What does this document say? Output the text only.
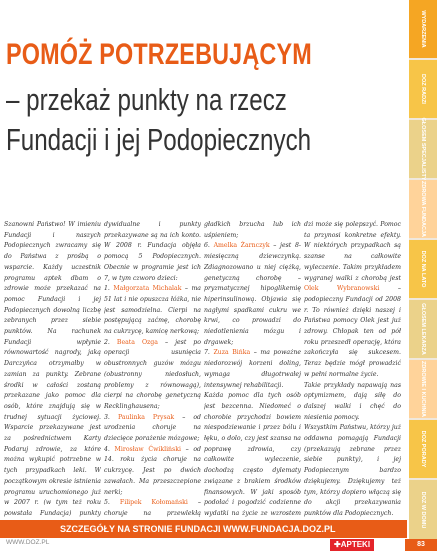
POMÓŻ POTRZEBUJĄCYM
– przekaż punkty na rzecz
Fundacji i jej Podopiecznych

Szanowni Państwo! W imieniu Fundacji i naszych Podopiecznych zwracamy się do Państwa z prośbą o wsparcie. Każdy uczestnik programu aptek dbam o zdrowie może przekazać na pomoc Fundacji i jej Podopiecznych dowolną liczbę zebranych przez siebie punktów. Na rachunek Fundacji wpłynie równowartość nagrody, jaką Darczyńca otrzymałby w zamian za punkty. Zebrane środki w całości zostaną przekazane jako pomoc dla osób, które znajdują się w trudnej sytuacji życiowej. Wsparcie przekazywane jest za pośrednictwem Karty Podaruj zdrowie, za które można wykupić potrzebne w tych przypadkach leki. W początkowym okresie istnienia programu uruchomionego już w 2007 r. (w tym też roku powstała Fundacja) punkty

dywidualne i punkty przekazywane są na ich konto. W 2008 r. Fundacja objęła pomocą 5 Podopiecznych. Obecnie w programie jest ich 7, w tym czworo dzieci:

1. Małgorzata Michalak – ma 51 lat i nie opuszcza łóżka, nie jest samodzielna. Cierpi na postępującą zaćmę, chorobę na cukrzycę, kamicę nerkową;

2. Beata Ozga – jest po operacji usunięcia obustronnych guzów mózgu (obustronny niedosłuch, problemy z równowagą), cierpi na chorobę genetyczną Recklinghausena;

3. Paulinka Prysak – od urodzenia choruje na dziecięce porażenie mózgowe;

4. Mirosław Ćwikliński – od 14. roku życia choruje na cukrzycę. Jest po dwóch zawałach. Ma przeszczepione nerki;

5. Filipek Kołomański – choruje na przewlekłą

gładkich brzucha lub ich uśpieniem;

6. Amelka Żarnczyk – jest 8-miesięczną dziewczynką. Zdiagnozowano u niej ciężką, genetyczną chorobę – pryzmatycznej hipoglikemię hiperinsulinową. Objawia się nagłymi spadkami cukru we krwi, co prowadzi do niedotlenienia mózgu i drgawek;

7. Zuza Bińka – ma poważne niedorozwój korzeni doling, wymaga długotrwałej intensywnej rehabilitacji.

Każda pomoc dla tych osób jest bezcenna. Niedomeć o chorobie przychodzi bowiem niespodziewanie i przez bólu i łęku, o dolo, czy jest szansa na poprawę zdrowia, czy całkowite wyleczenie, dochodzą często dylematy związane z brakiem środków finansowych. W jaki sposób podołać i pogodzić codzienne wydatki na życie ze wzrostem

dzi może się polepszyć. Pomoc ta przynosi konkretne efekty. W niektórych przypadkach są szanse na całkowite wyleczenie. Takim przykładem wygranej walki z chorobą jest Olek Wybranowski – podopieczny Fundacji od 2008 r. To również dzięki naszej i Państwa pomocy Olek jest już zdrowy. Chłopak ten od pół roku przeszedł operację, która zakończyła się sukcesem. Teraz będzie mógł prowadzić w pełni normalne życie.

Takie przykłady napawają nas optymizmem, dają siłę do dalszej walki i chęć do niesienia pomocy.

Wszystkim Państwu, którzy już oddawna pomagają Fundacji (przekazują zebrane przez siebie punkty), i jej Podopiecznym bardzo dziękujemy. Dziękujemy też tym, którzy dopiero włączą się do akcji przekazywania punktów dla Podopiecznych.

SZCZEGÓŁY NA STRONIE FUNDACJI WWW.FUNDACJA.DOZ.PL
WWW.DOZ.PL	✚APTEKI	83
WYDARZENIA
DOZ RADZI
GŁOSEM SPECJALISTY
ZDROWA FUNDACJA
DOZ NA LATO
GŁOSEM LEKARZA
ZDROWIE I KUCHNIA
DOZ PORADY
DOZ W DOMU
